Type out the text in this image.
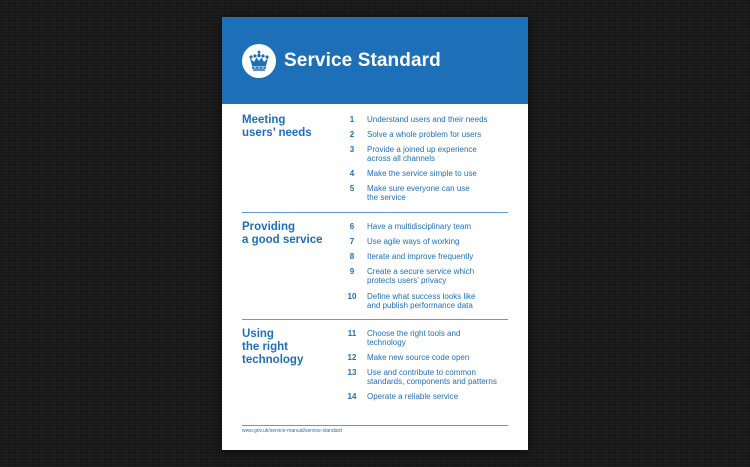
Service Standard
Meeting
users’ needs
1	Understand users and their needs
2	Solve a whole problem for users
3	Provide a joined up experience
across all channels
4	Make the service simple to use
5	Make sure everyone can use
the service
Providing
a good service
6	Have a multidisciplinary team
7	Use agile ways of working
8	Iterate and improve frequently
9	Create a secure service which
protects users’ privacy
10	Define what success looks like
and publish performance data
Using
the right
technology
11	Choose the right tools and
technology
12	Make new source code open
13	Use and contribute to common
standards, components and patterns
14	Operate a reliable service
www.gov.uk/service-manual/service-standard
